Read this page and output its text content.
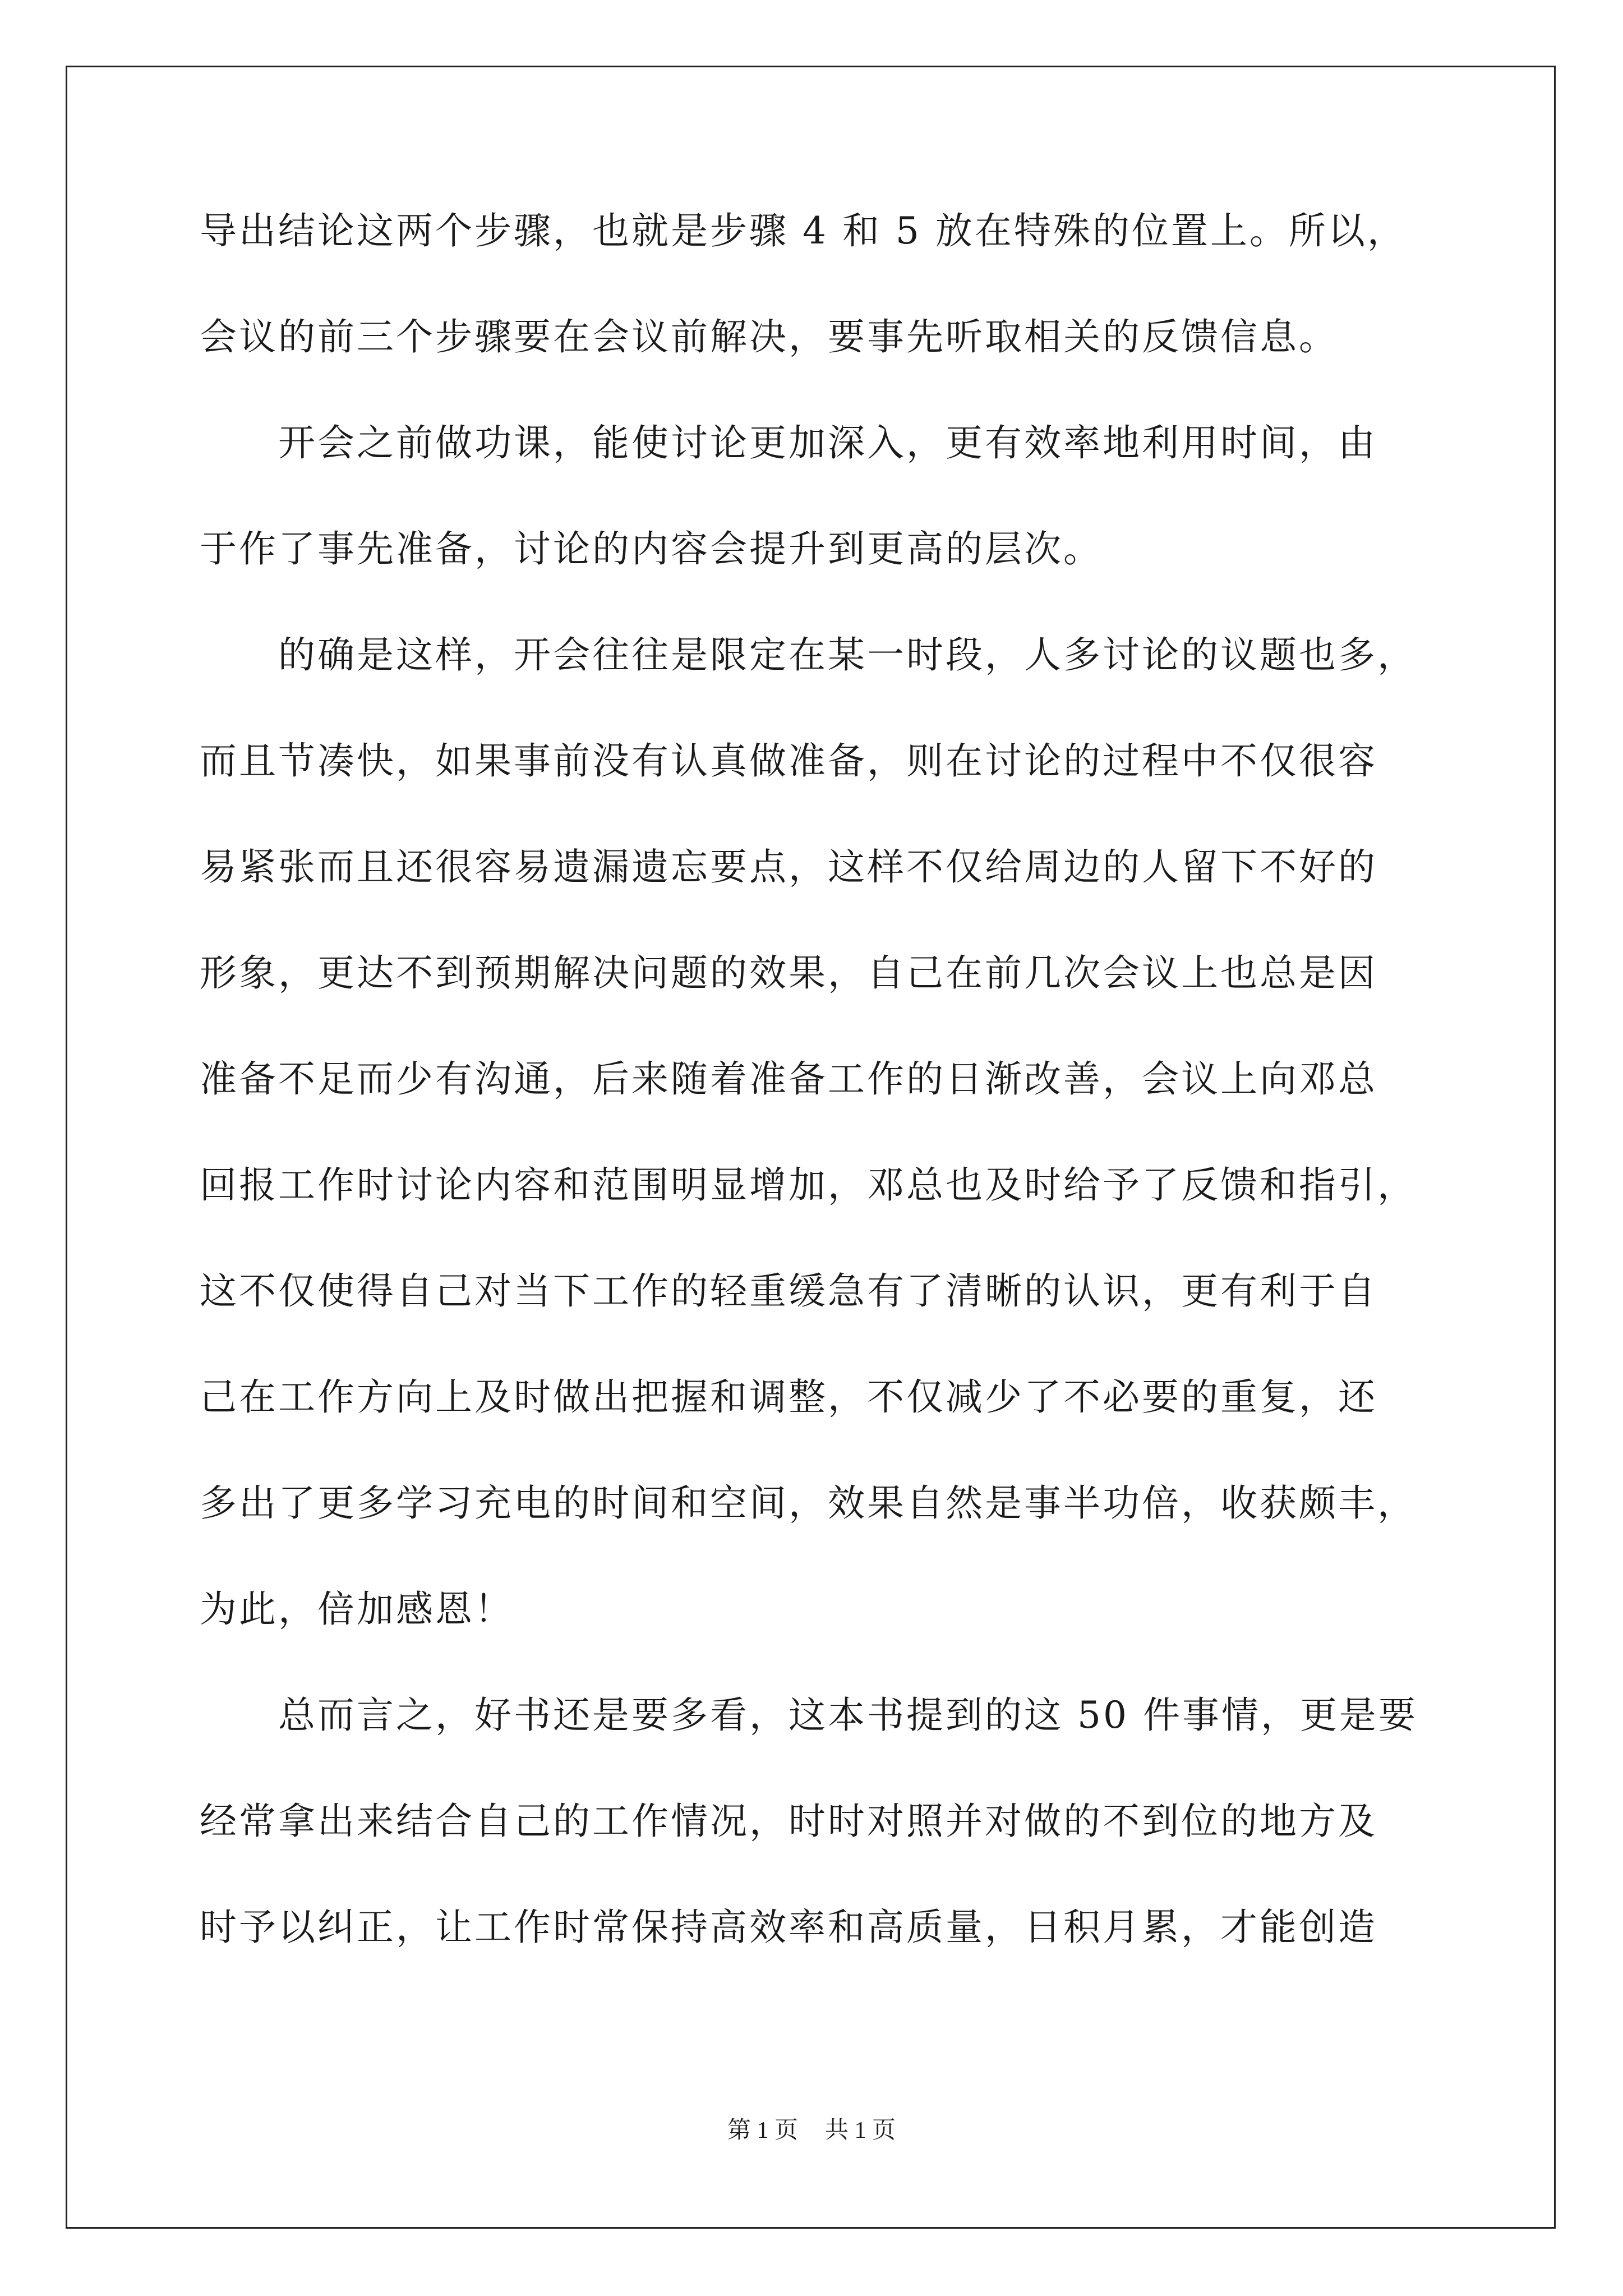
导出结论这两个步骤，也就是步骤 4 和 5 放在特殊的位置上。所以，
会议的前三个步骤要在会议前解决，要事先听取相关的反馈信息。
　　开会之前做功课，能使讨论更加深入，更有效率地利用时间，由
于作了事先准备，讨论的内容会提升到更高的层次。
　　的确是这样，开会往往是限定在某一时段，人多讨论的议题也多，
而且节凑快，如果事前没有认真做准备，则在讨论的过程中不仅很容
易紧张而且还很容易遗漏遗忘要点，这样不仅给周边的人留下不好的
形象，更达不到预期解决问题的效果，自己在前几次会议上也总是因
准备不足而少有沟通，后来随着准备工作的日渐改善，会议上向邓总
回报工作时讨论内容和范围明显增加，邓总也及时给予了反馈和指引，
这不仅使得自己对当下工作的轻重缓急有了清晰的认识，更有利于自
己在工作方向上及时做出把握和调整，不仅减少了不必要的重复，还
多出了更多学习充电的时间和空间，效果自然是事半功倍，收获颇丰，
为此，倍加感恩！
　　总而言之，好书还是要多看，这本书提到的这 50 件事情，更是要
经常拿出来结合自己的工作情况，时时对照并对做的不到位的地方及
时予以纠正，让工作时常保持高效率和高质量，日积月累，才能创造
第 1 页 共 1 页
